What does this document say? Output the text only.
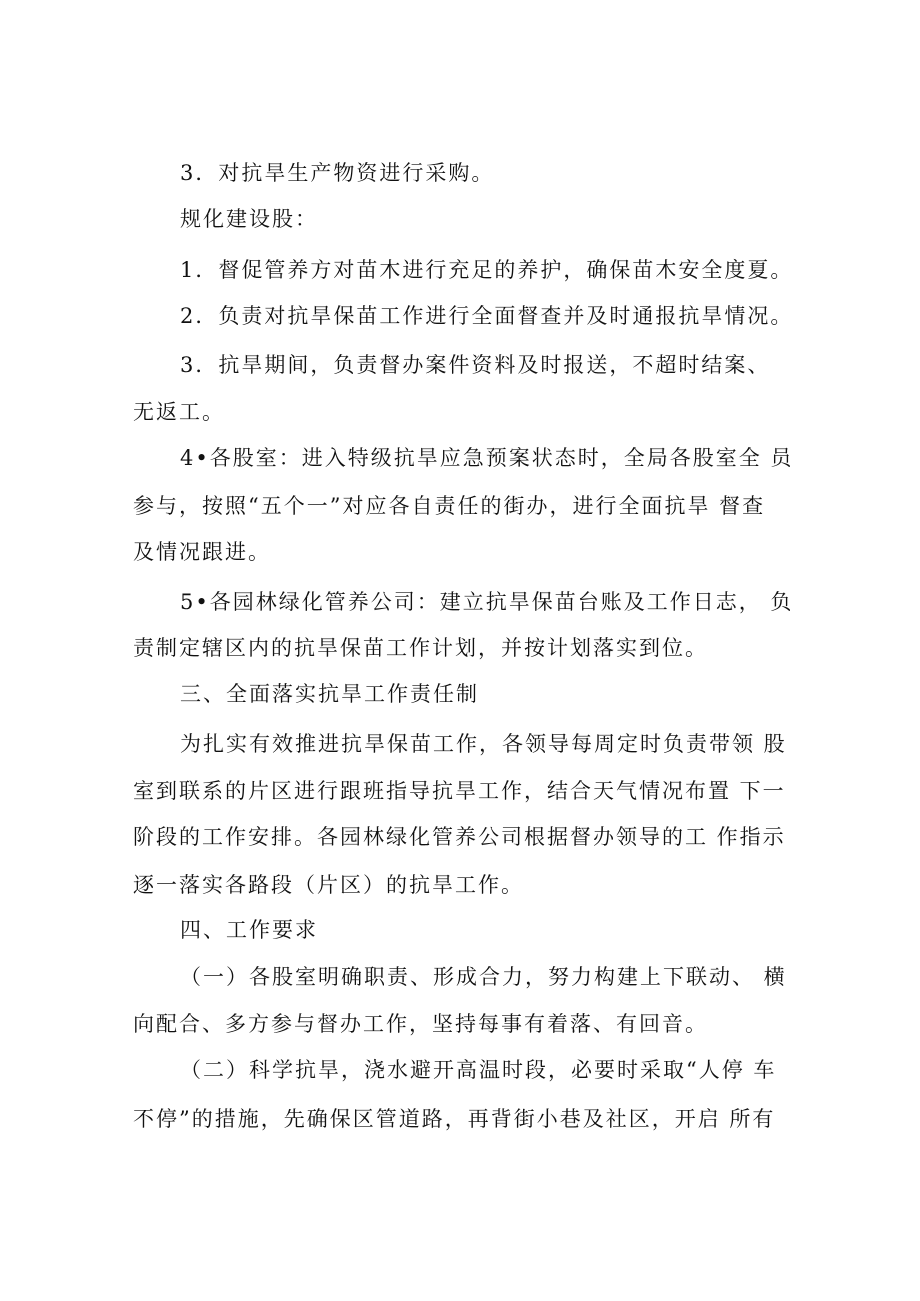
3．对抗旱生产物资进行采购。
规化建设股：
1．督促管养方对苗木进行充足的养护，确保苗木安全度夏。
2．负责对抗旱保苗工作进行全面督查并及时通报抗旱情况。
3．抗旱期间，负责督办案件资料及时报送，不超时结案、
无返工。
4•各股室：进入特级抗旱应急预案状态时，全局各股室全 员
参与，按照“五个一”对应各自责任的街办，进行全面抗旱 督查
及情况跟进。
5•各园林绿化管养公司：建立抗旱保苗台账及工作日志， 负
责制定辖区内的抗旱保苗工作计划，并按计划落实到位。
三、全面落实抗旱工作责任制
为扎实有效推进抗旱保苗工作，各领导每周定时负责带领 股
室到联系的片区进行跟班指导抗旱工作，结合天气情况布置 下一
阶段的工作安排。各园林绿化管养公司根据督办领导的工 作指示
逐一落实各路段（片区）的抗旱工作。
四、工作要求
（一）各股室明确职责、形成合力，努力构建上下联动、 横
向配合、多方参与督办工作，坚持每事有着落、有回音。
（二）科学抗旱，浇水避开高温时段，必要时采取“人停 车
不停”的措施，先确保区管道路，再背街小巷及社区，开启 所有
